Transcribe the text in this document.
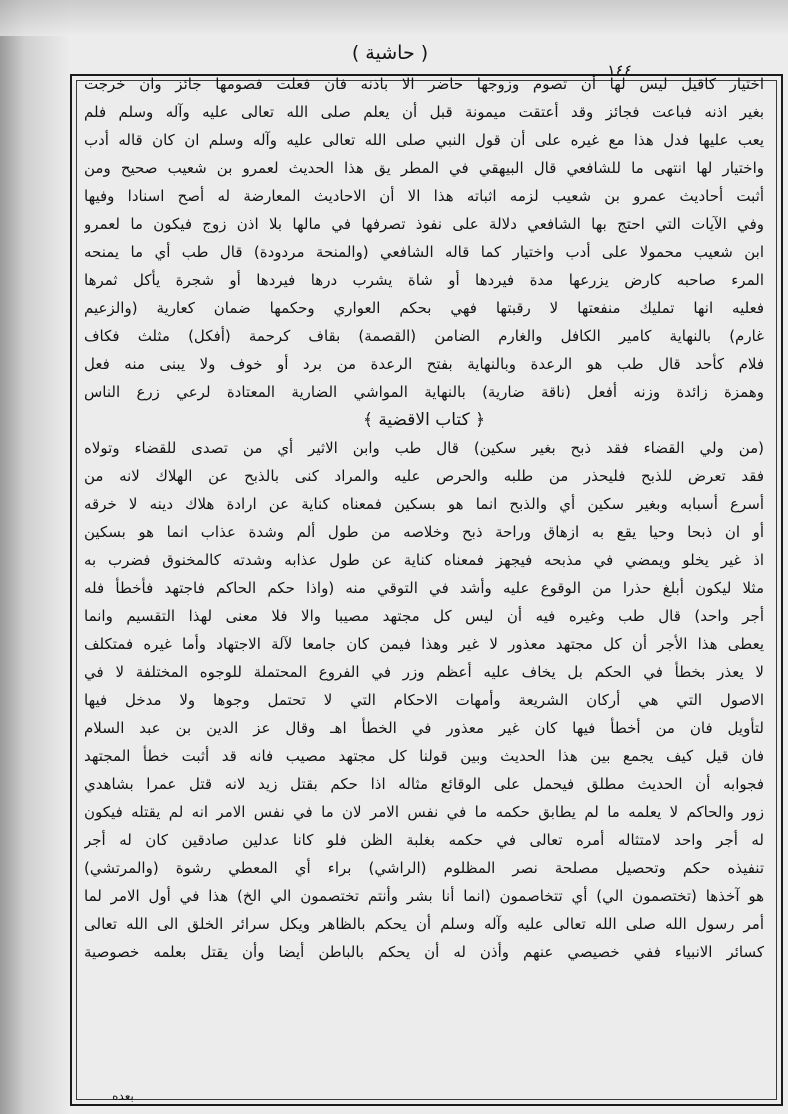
( حاشية )
١٤٤
اختيار كاقيل ليس لها أن تصوم وزوجها حاضر الا باذنه فان فعلت فصومها جائز وان خرجت
بغير اذنه فباعت فجائز وقد أعتقت ميمونة قبل أن يعلم صلى الله تعالى عليه وآله وسلم فلم
يعب عليها فدل هذا مع غيره على أن قول النبي صلى الله تعالى عليه وآله وسلم ان كان قاله أدب
واختيار لها انتهى ما للشافعي قال البيهقي في المطر يق هذا الحديث لعمرو بن شعيب صحيح ومن
أثبت أحاديث عمرو بن شعيب لزمه اثباته هذا الا أن الاحاديث المعارضة له أصح اسنادا وفيها
وفي الآيات التي احتج بها الشافعي دلالة على نفوذ تصرفها في مالها بلا اذن زوج فيكون ما لعمرو
ابن شعيب محمولا على أدب واختيار كما قاله الشافعي (والمنحة مردودة) قال طب أي ما يمنحه
المرء صاحبه كارض يزرعها مدة فيردها أو شاة يشرب درها فيردها أو شجرة يأكل ثمرها
فعليه انها تمليك منفعتها لا رقبتها فهي بحكم العواري وحكمها ضمان كعارية (والزعيم
غارم) بالنهاية كامير الكافل والغارم الضامن (القصمة) بقاف كرحمة (أفكل) مثلث فكاف
فلام كأحد قال طب هو الرعدة وبالنهاية بفتح الرعدة من برد أو خوف ولا يبنى منه فعل
وهمزة زائدة وزنه أفعل (ناقة ضارية) بالنهاية المواشي الضارية المعتادة لرعي زرع الناس
﴿ كتاب الاقضية ﴾
(من ولي القضاء فقد ذبح بغير سكين) قال طب وابن الاثير أي من تصدى للقضاء وتولاه
فقد تعرض للذبح فليحذر من طلبه والحرص عليه والمراد كنى بالذبح عن الهلاك لانه من
أسرع أسبابه وبغير سكين أي والذبح انما هو بسكين فمعناه كناية عن ارادة هلاك دينه لا خرقه
أو ان ذبحا وحيا يقع به ازهاق وراحة ذبح وخلاصه من طول ألم وشدة عذاب انما هو بسكين
اذ غير يخلو ويمضي في مذبحه فيجهز فمعناه كناية عن طول عذابه وشدته كالمخنوق فضرب به
مثلا ليكون أبلغ حذرا من الوقوع عليه وأشد في التوقي منه (واذا حكم الحاكم فاجتهد فأخطأ فله
أجر واحد) قال طب وغيره فيه أن ليس كل مجتهد مصيبا والا فلا معنى لهذا التقسيم وانما
يعطى هذا الأجر أن كل مجتهد معذور لا غير وهذا فيمن كان جامعا لآلة الاجتهاد وأما غيره فمتكلف
لا يعذر بخطأ في الحكم بل يخاف عليه أعظم وزر في الفروع المحتملة للوجوه المختلفة لا في
الاصول التي هي أركان الشريعة وأمهات الاحكام التي لا تحتمل وجوها ولا مدخل فيها
لتأويل فان من أخطأ فيها كان غير معذور في الخطأ اهـ وقال عز الدين بن عبد السلام
فان قيل كيف يجمع بين هذا الحديث وبين قولنا كل مجتهد مصيب فانه قد أثبت خطأ المجتهد
فجوابه أن الحديث مطلق فيحمل على الوقائع مثاله اذا حكم بقتل زيد لانه قتل عمرا بشاهدي
زور والحاكم لا يعلمه ما لم يطابق حكمه ما في نفس الامر لان ما في نفس الامر انه لم يقتله فيكون
له أجر واحد لامتثاله أمره تعالى في حكمه بغلبة الظن فلو كانا عدلين صادقين كان له أجر
تنفيذه حكم وتحصيل مصلحة نصر المظلوم (الراشي) براء أي المعطي رشوة (والمرتشي)
هو آخذها (تختصمون الي) أي تتخاصمون (انما أنا بشر وأنتم تختصمون الي الخ) هذا في أول الامر لما
أمر رسول الله صلى الله تعالى عليه وآله وسلم أن يحكم بالظاهر ويكل سرائر الخلق الى الله تعالى
كسائر الانبياء ففي خصيصي عنهم وأذن له أن يحكم بالباطن أيضا وأن يقتل بعلمه خصوصية
بعده
